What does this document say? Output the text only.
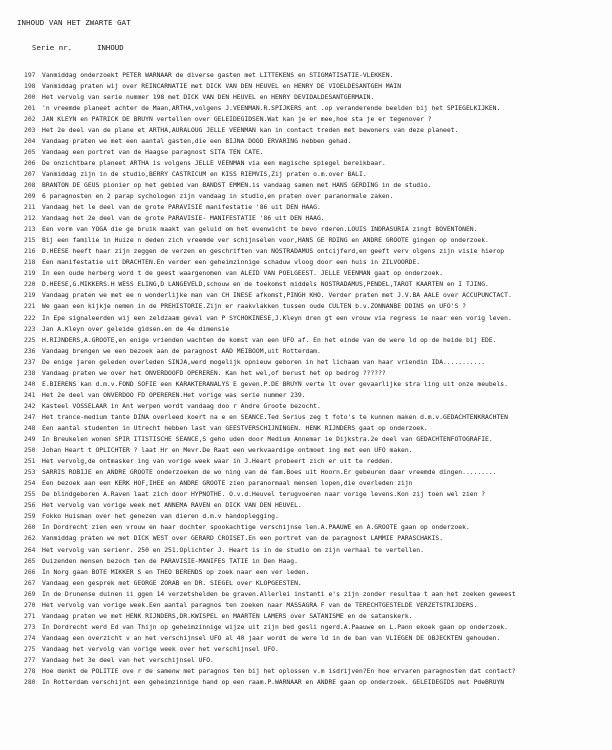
INHOUD VAN HET ZWARTE GAT
Serie nr.	INHOUD
197	Vanmiddag onderzoekt PETER WARNAAR de diverse gasten met LITTEKENS en STIGMATISATIE-VLEKKEN.
198	Vanmiddag praten wij over REINCARNATIE met DICK VAN DEN HEUVEL en HENRY DE VIOELDESANTGEH MAIN
200	Het vervolg van serie nummer 198 met DICK VAN DEN HEUVEL en HENRY DEVIDALDESANTGERMAIN.
201	'n vreemde planeet achter de Maan,ARTHA,volgens J.VEENMAN.R.SPIJKERS ant .op veranderende beelden bij het SPIEGELKIJKEN.
202	JAN KLEYN en PATRICK DE BRUYN vertellen over GELEIDEGIDSEN.Wat kan je er mee,hoe sta je er tegenover ?
203	Het 2e deel van de plane et ARTHA,AURALOUG JELLE VEENMAN kan in contact treden met bewoners van deze planeet.
204	Vandaag praten we met een aantal gasten,die een BIJNA DOOD ERVARING hebben gehad.
205	Vandaag een portret van de Haagse paragnost SITA TEN CATE.
206	De onzichtbare planeet ARTHA is volgens JELLE VEENMAN via een magische spiegel bereikbaar.
207	Vanmiddag zijn in de studio,BERRY CASTRICUM en KISS RIEMVIS,Zij praten o.m.over BALI.
208	BRANTON DE GEUS pionier op het gebied van BANDST EMMEN.is vandaag samen met HANS GERDING in de studio.
209	6 paragnosten en 2 parap sychologen zijn vandaag in studio,en praten over paranormale zaken.
211	Vandaag het le deel van de grote PARAVISIE manifestatie '86 uit DEN HAAG.
212	Vandaag het 2e deel van de grote PARAVISIE- MANIFESTATIE '86 uit DEN HAAG.
213	Een vorm van YOGA die ge bruik maakt van geluid om het evenwicht te bevo rderen.LOUIS INDRASURIA zingt BOVENTONEN.
215	Bij een familie in Huize n deden zich vreemde ver schijnselen voor,HANS GE RDING en ANDRE GROOTE gingen op onderzoek.
216	D.HEESE heeft haar zijn zeggen de verzen en geschriften van NOSTRADAMUS ontcijferd,en geeft verv olgens zijn visie hierop
218	Een manifestatie uit DRACHTEN.En verder een geheimzinnige schaduw vloog door een huis in ZILVOORDE.
219	In een oude herberg word t de geest waargenomen van ALEID VAN POELGEEST. JELLE VEENMAN gaat op onderzoek.
220	D.HEESE,G.MIKKERS.H WESS ELING,D LANGEVELD,schouw en de toekomst middels NOSTRADAMUS,PENDEL,TAROT KAARTEN en I TJING.
219	Vandaag praten we met ee n wonderlijke man van CH INESE afkomst,PINGH KHO. Verder praten met J.V.BA AALE over ACCUPUNCTACT.
221	We gaan een kijkje nemen in de PREHISTORIE.Zijn er raakvlakken tussen oude CULTEN b.v.ZONNANBE DDINS en UFO'S ?
222	In Epe signaleerden wij een zeldzaam geval van P SYCHOKINESE,J.Kleyn dren gt een vrouw via regress ie naar een vorig leven.
223	Jan A.Kleyn over geleide gidsen.en de 4e dimensie
225	H.RIJNDERS,A.GROOTE,en enige vrienden wachten de komst van een UFO af. En het einde van de were ld op de heide bij EDE.
236	Vandaag brengen we een bezoek aan de paragnost AAD MEIBOOM,uit Rotterdam.
237	De enige jaren geleden overleden SINJA,werd mogelijk opnieuw geboren in het lichaam van haar vriendin IDA...........
238	Vandaag praten we over het ONVERDOOFD OPEREREN. Kan het wel,of berust het op bedrog ??????
240	E.BIERENS kan d.m.v.FOND SOFIE een KARAKTERANALYS E geven.P.DE BRUYN verte lt over gevaarlijke stra ling uit onze meubels.
241	Het 2e deel van ONVERDOO FD OPEREREN.Het vorige was serie nummer 239.
242	Kasteel VOSSELAAR in Ant werpen wordt vandaag doo r Andre Groote bezocht.
247	Het trance-medium tante DINA overleed koert na e en SEANCE.Ted Serius zeg t foto's te kunnen maken d.m.v.GEDACHTENKRACHTEN
248	Een aantal studenten in Utrecht hebben last van GEESTVERSCHIJNINGEN. HENK RIJNDERS gaat op onderzoek.
249	In Breukelen wonen SPIR ITISTISCHE SEANCE,S geho uden door Medium Annemar ie Dijkstra.2e deel van GEDACHTENFOTOGRAFIE.
250	Johan Heart t OPLICHTER ? laat Hr en Mevr.De Raat een werkvaardige ontmoet ing met een UFO maken.
251	Het vervolg,de ontmasker ing van vorige week waar in J.Heart probeert zich er uit te redden.
253	SARRIS ROBIJE en ANDRE GROOTE onderzoeken de wo ning van de fam.Boes uit Hoorn.Er gebeuren daar vreemde dingen.........
254	Een bezoek aan een KERK HOF,IHEE en ANDRE GROOTE zien paranormaal mensen lopen,die overleden zijn
255	De blindgeboren A.Raven laat zich door HYPNOTHE. O.v.d.Heuvel terugvoeren naar vorige levens.Kon zij toen wel zien ?
256	Het vervolg van vorige week met ANNEMA RAVEN en DICK VAN DEN HEUVEL.
259	Fokko Huisman over het genezen van dieren d.m.v handoplegging.
260	In Dordrecht zien een vrouw en haar dochter spookachtige verschijnse len.A.PAAUWE en A.GROOTE gaan op onderzoek.
262	Vanmiddag praten we met DICK WEST over GERARD CROISET.En een portret van de paragnost LAMMIE PARASCHAKIS.
264	Het vervolg van serienr. 250 en 251.Oplichter J. Heart is in de studio om zijn verhaal te vertellen.
265	Duizenden mensen bezoch ten de PARAVISIE-MANIFES TATIE in Den Haag.
266	In Norg gaan BOTE MIKKER S en THEO BERENDS op zoek naar een ver leden.
267	Vandaag een gesprek met GEORGE ZORAB en DR. SIEGEL over KLOPGEESTEN.
269	In de Drunense duinen ii ggen 14 verzetshelden be graven.Allerlei instanti e's zijn zonder resultaa t aan het zoeken geweest
270	Het vervolg van vorige week.Een aantal paragnos ten zoeken naar MASSAGRA F van de TERECHTGESTELDE VERZETSTRIJDERS.
271	Vandaag praten we met HENK RIJNDERS,DR.KWISPEL en MAARTEN LAMERS over SATANISME en de satanskerk.
273	In Dordrecht werd Ed van Thijn op geheimzinnige wijze uit zijn bed gesli ngerd.A.Paauwe en L.Pann ekoek gaan op onderzoek.
274	Vandaag een overzicht v an het verschijnsel UFO al 40 jaar wordt de were ld in de ban van VLIEGEN DE OBJECKTEN gehouden.
275	Vandaag het vervolg van vorige week over het verschijnsel UFO.
277	Vandaag het 3e deel van het verschijnsel UFO.
278	Hoe denkt de POLITIE ove r de samenw met paragnos ten bij het oplossen v.m isdrijven?En hoe ervaren paragnosten dat contact?
280	In Rotterdam verschijnt een geheimzinnige hand op een raam.P.WARNAAR en ANDRE gaan op onderzoek. GELEIDEGIDS met PdeBRUYN
